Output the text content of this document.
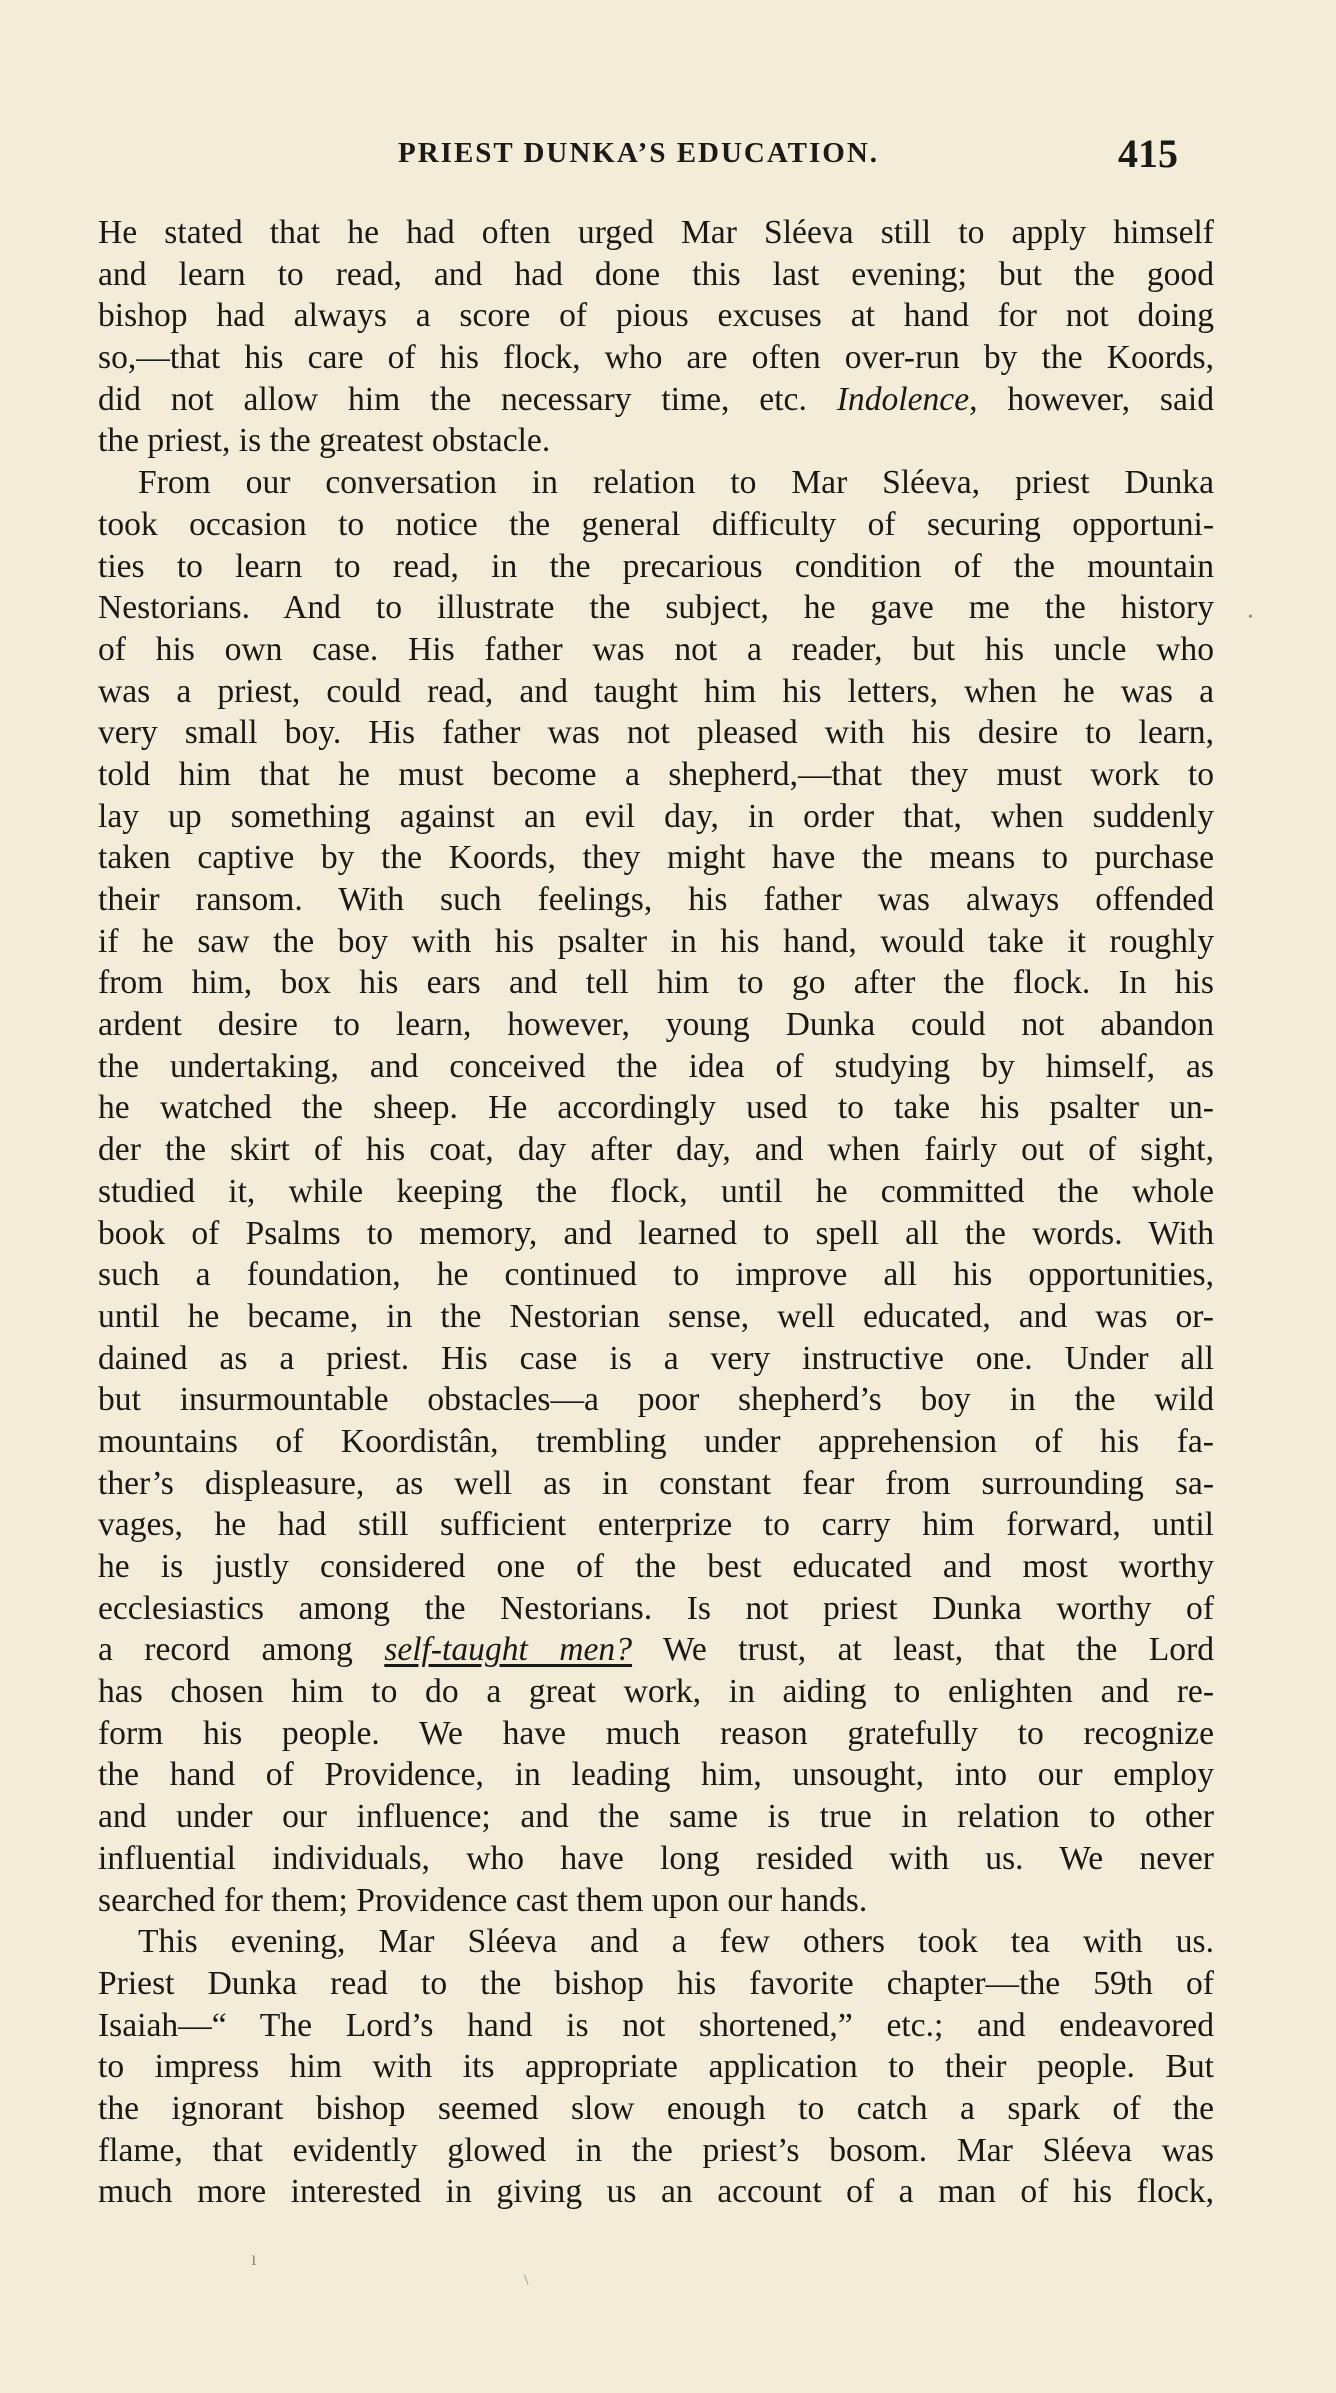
PRIEST DUNKA’S EDUCATION.	415
He stated that he had often urged Mar Sléeva still to apply himself
and learn to read, and had done this last evening; but the good
bishop had always a score of pious excuses at hand for not doing
so,—that his care of his flock, who are often over-run by the Koords,
did not allow him the necessary time, etc. Indolence, however, said
the priest, is the greatest obstacle.
From our conversation in relation to Mar Sléeva, priest Dunka
took occasion to notice the general difficulty of securing opportuni-
ties to learn to read, in the precarious condition of the mountain
Nestorians. And to illustrate the subject, he gave me the history
of his own case. His father was not a reader, but his uncle who
was a priest, could read, and taught him his letters, when he was a
very small boy. His father was not pleased with his desire to learn,
told him that he must become a shepherd,—that they must work to
lay up something against an evil day, in order that, when suddenly
taken captive by the Koords, they might have the means to purchase
their ransom. With such feelings, his father was always offended
if he saw the boy with his psalter in his hand, would take it roughly
from him, box his ears and tell him to go after the flock. In his
ardent desire to learn, however, young Dunka could not abandon
the undertaking, and conceived the idea of studying by himself, as
he watched the sheep. He accordingly used to take his psalter un-
der the skirt of his coat, day after day, and when fairly out of sight,
studied it, while keeping the flock, until he committed the whole
book of Psalms to memory, and learned to spell all the words. With
such a foundation, he continued to improve all his opportunities,
until he became, in the Nestorian sense, well educated, and was or-
dained as a priest. His case is a very instructive one. Under all
but insurmountable obstacles—a poor shepherd’s boy in the wild
mountains of Koordistân, trembling under apprehension of his fa-
ther’s displeasure, as well as in constant fear from surrounding sa-
vages, he had still sufficient enterprize to carry him forward, until
he is justly considered one of the best educated and most worthy
ecclesiastics among the Nestorians. Is not priest Dunka worthy of
a record among self-taught men? We trust, at least, that the Lord
has chosen him to do a great work, in aiding to enlighten and re-
form his people. We have much reason gratefully to recognize
the hand of Providence, in leading him, unsought, into our employ
and under our influence; and the same is true in relation to other
influential individuals, who have long resided with us. We never
searched for them; Providence cast them upon our hands.
This evening, Mar Sléeva and a few others took tea with us.
Priest Dunka read to the bishop his favorite chapter—the 59th of
Isaiah—“ The Lord’s hand is not shortened,” etc.; and endeavored
to impress him with its appropriate application to their people. But
the ignorant bishop seemed slow enough to catch a spark of the
flame, that evidently glowed in the priest’s bosom. Mar Sléeva was
much more interested in giving us an account of a man of his flock,
•
ı
\
